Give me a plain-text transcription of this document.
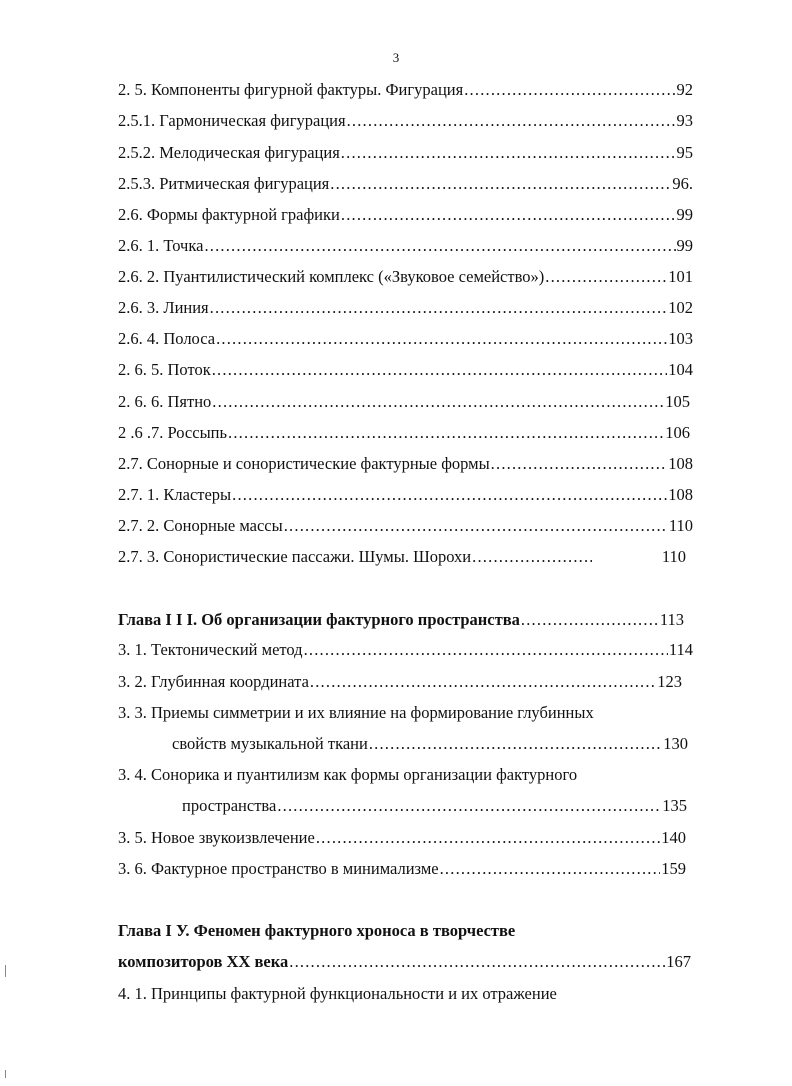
3
2. 5. Компоненты фигурной фактуры. Фигурация .....	92
2.5.1. Гармоническая фигурация .....	93
2.5.2. Мелодическая фигурация .....	95
2.5.3. Ритмическая фигурация .....	96.
2.6. Формы фактурной графики .....	99
2.6. 1. Точка .....	99
2.6. 2. Пуантилистический комплекс («Звуковое семейство») .....	101
2.6. 3. Линия .....	102
2.6. 4. Полоса .....	103
2. 6. 5. Поток .....	104
2. 6. 6. Пятно .....	105
2 .6 .7. Россыпь .....	106
2.7. Сонорные и сонористические фактурные формы .....	108
2.7. 1. Кластеры .....	108
2.7. 2. Сонорные массы .....	110
2.7. 3. Сонористические пассажи. Шумы. Шорохи .....	110
Глава I I I. Об организации фактурного пространства .....	113
3. 1. Тектонический метод .....	114
3. 2. Глубинная координата .....	123
3. 3. Приемы симметрии и их влияние на формирование глубинных
свойств музыкальной ткани .....	130
3. 4. Сонорика и пуантилизм как формы организации фактурного
пространства .....	135
3. 5. Новое звукоизвлечение .....	140
3. 6. Фактурное пространство в минимализме .....	159
Глава I У. Феномен фактурного хроноса в творчестве
композиторов XX века .....	167
4. 1. Принципы фактурной функциональности и их отражение
